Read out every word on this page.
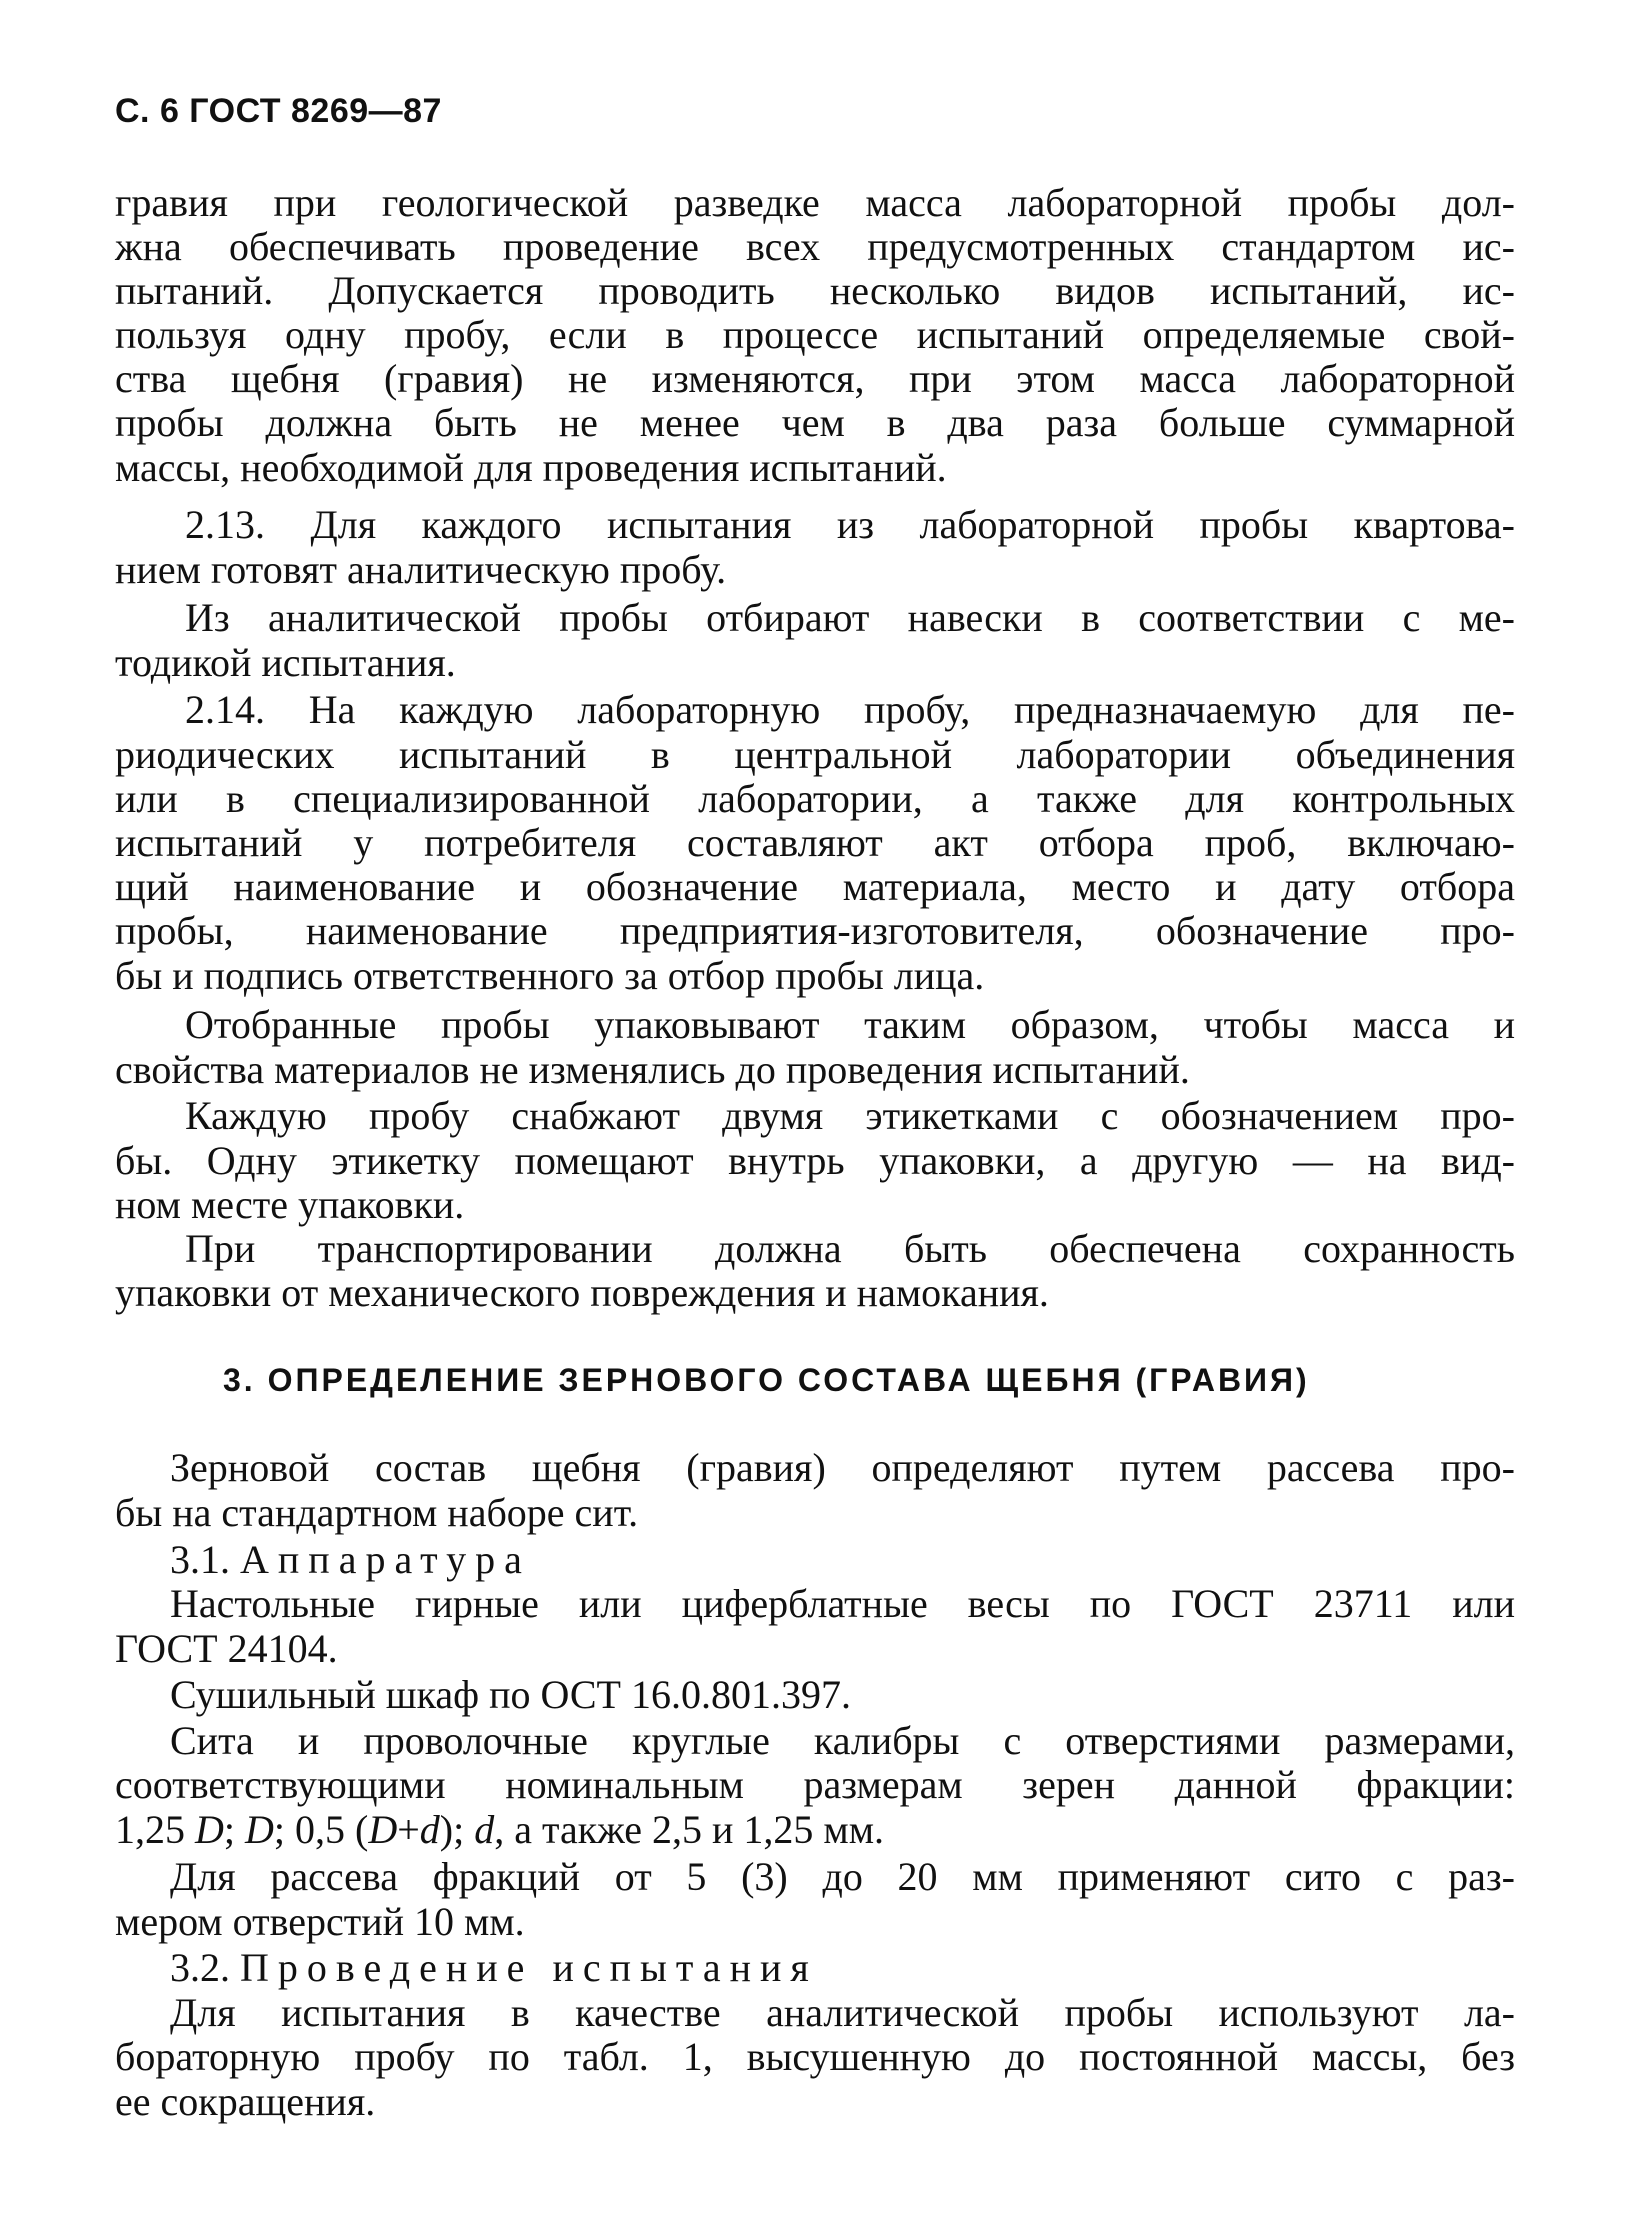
С. 6 ГОСТ 8269—87
гравия при геологической разведке масса лабораторной пробы дол-
жна обеспечивать проведение всех предусмотренных стандартом ис-
пытаний. Допускается проводить несколько видов испытаний, ис-
пользуя одну пробу, если в процессе испытаний определяемые свой-
ства щебня (гравия) не изменяются, при этом масса лабораторной
пробы должна быть не менее чем в два раза больше суммарной
массы, необходимой для проведения испытаний.
2.13. Для каждого испытания из лабораторной пробы квартова-
нием готовят аналитическую пробу.
Из аналитической пробы отбирают навески в соответствии с ме-
тодикой испытания.
2.14. На каждую лабораторную пробу, предназначаемую для пе-
риодических испытаний в центральной лаборатории объединения
или в специализированной лаборатории, а также для контрольных
испытаний у потребителя составляют акт отбора проб, включаю-
щий наименование и обозначение материала, место и дату отбора
пробы, наименование предприятия-изготовителя, обозначение про-
бы и подпись ответственного за отбор пробы лица.
Отобранные пробы упаковывают таким образом, чтобы масса и
свойства материалов не изменялись до проведения испытаний.
Каждую пробу снабжают двумя этикетками с обозначением про-
бы. Одну этикетку помещают внутрь упаковки, а другую — на вид-
ном месте упаковки.
При транспортировании должна быть обеспечена сохранность
упаковки от механического повреждения и намокания.
3. ОПРЕДЕЛЕНИЕ ЗЕРНОВОГО СОСТАВА ЩЕБНЯ (ГРАВИЯ)
Зерновой состав щебня (гравия) определяют путем рассева про-
бы на стандартном наборе сит.
3.1. Аппаратура
Настольные гирные или циферблатные весы по ГОСТ 23711 или
ГОСТ 24104.
Сушильный шкаф по ОСТ 16.0.801.397.
Сита и проволочные круглые калибры с отверстиями размерами,
соответствующими номинальным размерам зерен данной фракции:
1,25 D; D; 0,5 (D+d); d, а также 2,5 и 1,25 мм.
Для рассева фракций от 5 (3) до 20 мм применяют сито с раз-
мером отверстий 10 мм.
3.2. Проведение испытания
Для испытания в качестве аналитической пробы используют ла-
бораторную пробу по табл. 1, высушенную до постоянной массы, без
ее сокращения.
